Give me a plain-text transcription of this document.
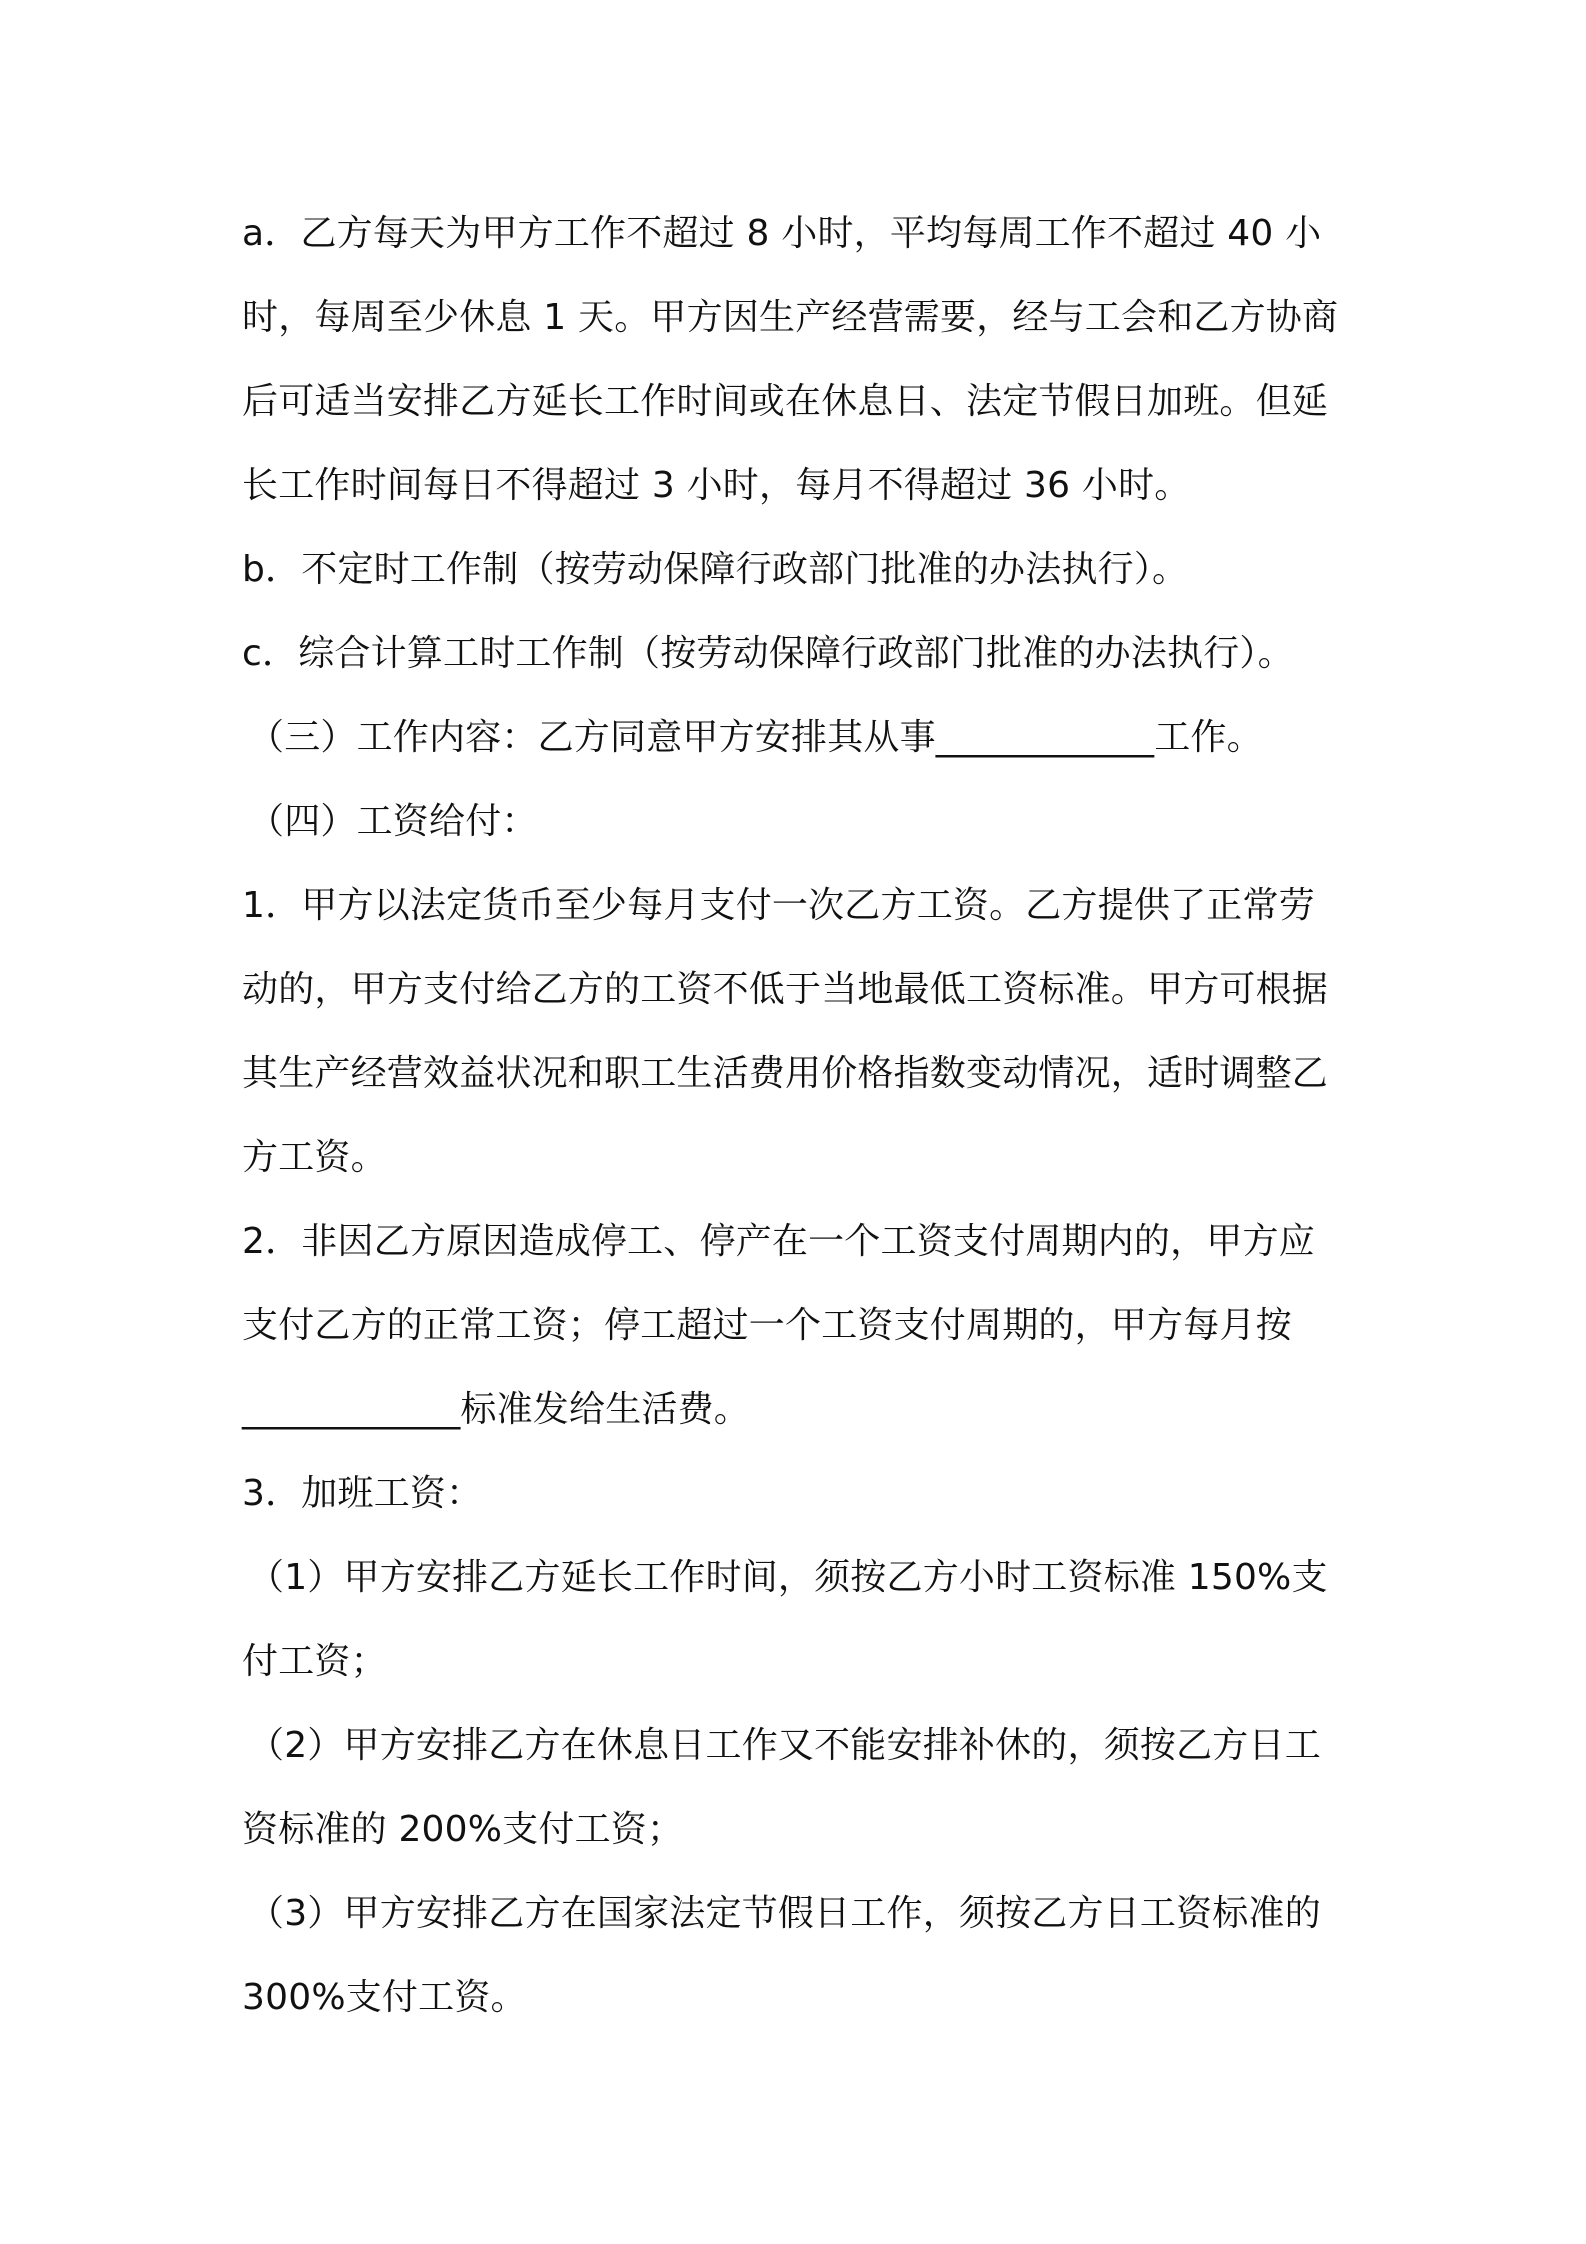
a．乙方每天为甲方工作不超过 8 小时，平均每周工作不超过 40 小
时，每周至少休息 1 天。甲方因生产经营需要，经与工会和乙方协商
后可适当安排乙方延长工作时间或在休息日、法定节假日加班。但延
长工作时间每日不得超过 3 小时，每月不得超过 36 小时。
b．不定时工作制（按劳动保障行政部门批准的办法执行）。
c．综合计算工时工作制（按劳动保障行政部门批准的办法执行）。
（三）工作内容：乙方同意甲方安排其从事____________工作。
（四）工资给付：
1．甲方以法定货币至少每月支付一次乙方工资。乙方提供了正常劳
动的，甲方支付给乙方的工资不低于当地最低工资标准。甲方可根据
其生产经营效益状况和职工生活费用价格指数变动情况，适时调整乙
方工资。
2．非因乙方原因造成停工、停产在一个工资支付周期内的，甲方应
支付乙方的正常工资；停工超过一个工资支付周期的，甲方每月按
____________标准发给生活费。
3．加班工资：
（1）甲方安排乙方延长工作时间，须按乙方小时工资标准 150%支
付工资；
（2）甲方安排乙方在休息日工作又不能安排补休的，须按乙方日工
资标准的 200%支付工资；
（3）甲方安排乙方在国家法定节假日工作，须按乙方日工资标准的
300%支付工资。
